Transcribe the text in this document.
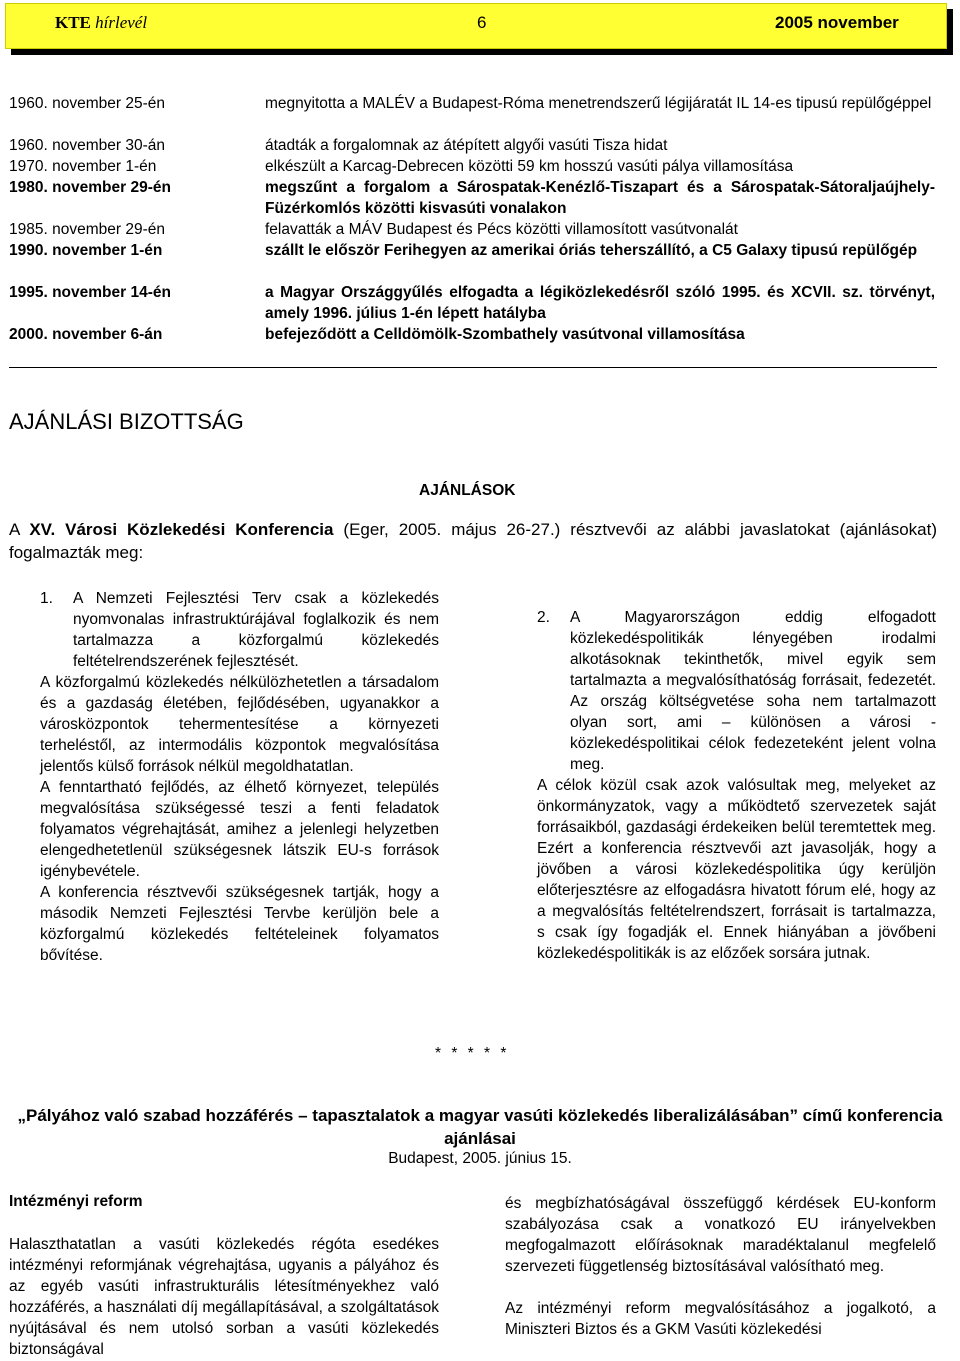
KTE hírlevél	6	2005 november
1960. november 25-én	megnyitotta a MALÉV a Budapest-Róma menetrendszerű légijáratát IL 14-es tipusú repülőgéppel
1960. november 30-án	átadták a forgalomnak az átépített algyői vasúti Tisza hidat
1970. november 1-én	elkészült a Karcag-Debrecen közötti 59 km hosszú vasúti pálya villamosítása
1980. november 29-én	megszűnt a forgalom a Sárospatak-Kenézlő-Tiszapart és a Sárospatak-Sátoraljaújhely-Füzérkomlós közötti kisvasúti vonalakon
1985. november 29-én	felavatták a MÁV Budapest és Pécs közötti villamosított vasútvonalát
1990. november 1-én	szállt le először Ferihegyen az amerikai óriás teherszállító, a C5 Galaxy tipusú repülőgép
1995. november 14-én	a Magyar Országgyűlés elfogadta a légiközlekedésről szóló 1995. és XCVII. sz. törvényt, amely 1996. július 1-én lépett hatályba
2000. november 6-án	befejeződött a Celldömölk-Szombathely vasútvonal villamosítása
AJÁNLÁSI BIZOTTSÁG
AJÁNLÁSOK
A XV. Városi Közlekedési Konferencia (Eger, 2005. május 26-27.) résztvevői az alábbi javaslatokat (ajánlásokat) fogalmazták meg:
1. A Nemzeti Fejlesztési Terv csak a közlekedés nyomvonalas infrastruktúrájával foglalkozik és nem tartalmazza a közforgalmú közlekedés feltételrendszerének fejlesztését.

A közforgalmú közlekedés nélkülözhetetlen a társadalom és a gazdaság életében, fejlődésében, ugyanakkor a városközpontok tehermentesítése a környezeti terheléstől, az intermodális központok megvalósítása jelentős külső források nélkül megoldhatatlan.

A fenntartható fejlődés, az élhető környezet, település megvalósítása szükségessé teszi a fenti feladatok folyamatos végrehajtását, amihez a jelenlegi helyzetben elengedhetetlenül szükségesnek látszik EU-s források igénybevétele.

A konferencia résztvevői szükségesnek tartják, hogy a második Nemzeti Fejlesztési Tervbe kerüljön bele a közforgalmú közlekedés feltételeinek folyamatos bővítése.

2. A Magyarországon eddig elfogadott közlekedéspolitikák lényegében irodalmi alkotásoknak tekinthetők, mivel egyik sem tartalmazta a megvalósíthatóság forrásait, fedezetét. Az ország költségvetése soha nem tartalmazott olyan sort, ami – különösen a városi - közlekedéspolitikai célok fedezeteként jelent volna meg.

A célok közül csak azok valósultak meg, melyeket az önkormányzatok, vagy a működtető szervezetek saját forrásaikból, gazdasági érdekeiken belül teremtettek meg. Ezért a konferencia résztvevői azt javasolják, hogy a jövőben a városi közlekedéspolitika úgy kerüljön előterjesztésre az elfogadásra hivatott fórum elé, hogy az a megvalósítás feltételrendszert, forrásait is tartalmazza, s csak így fogadják el. Ennek hiányában a jövőbeni közlekedéspolitikák is az előzőek sorsára jutnak.

* * * * *
„Pályához való szabad hozzáférés – tapasztalatok a magyar vasúti közlekedés liberalizálásában” című konferencia ajánlásai
Budapest, 2005. június 15.
Intézményi reform

Halaszthatatlan a vasúti közlekedés régóta esedékes intézményi reformjának végrehajtása, ugyanis a pályához és az egyéb vasúti infrastrukturális létesítményekhez való hozzáférés, a használati díj megállapításával, a szolgáltatások nyújtásával és nem utolsó sorban a vasúti közlekedés biztonságával

és megbízhatóságával összefüggő kérdések EU-konform szabályozása csak a vonatkozó EU irányelvekben megfogalmazott előírásoknak maradéktalanul megfelelő szervezeti függetlenség biztosításával valósítható meg.

Az intézményi reform megvalósításához a jogalkotó, a Miniszteri Biztos és a GKM Vasúti közlekedési
